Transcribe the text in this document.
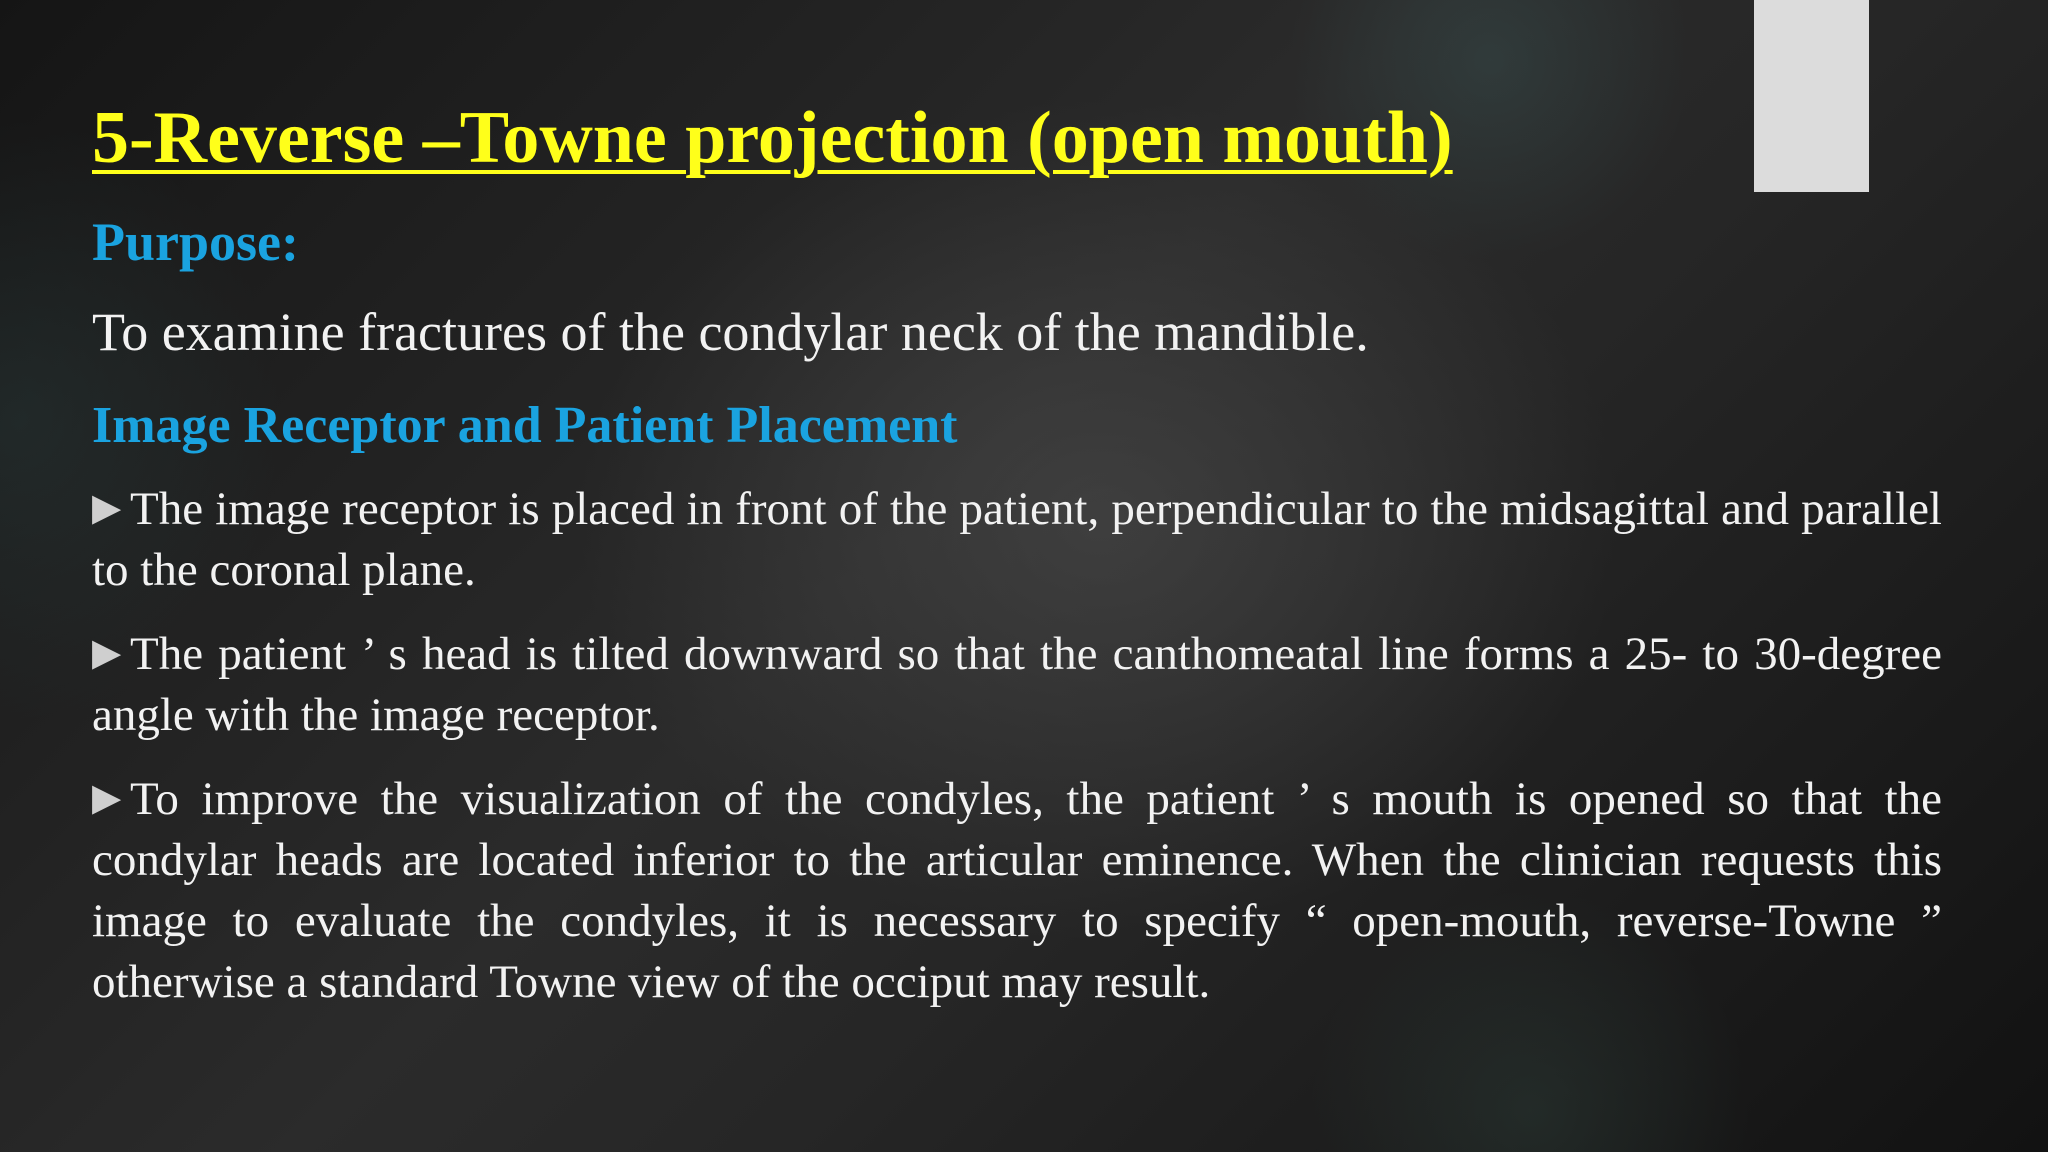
5-Reverse –Towne projection (open mouth)
Purpose:

To examine fractures of the condylar neck of the mandible.

Image Receptor and Patient Placement
▶ The image receptor is placed in front of the patient, perpendicular to the midsagittal and parallel to the coronal plane.
▶ The patient ’ s head is tilted downward so that the canthomeatal line forms a 25- to 30-degree angle with the image receptor.
▶ To improve the visualization of the condyles, the patient ’ s mouth is opened so that the condylar heads are located inferior to the articular eminence. When the clinician requests this image to evaluate the condyles, it is necessary to specify “ open-mouth, reverse-Towne ” otherwise a standard Towne view of the occiput may result.
